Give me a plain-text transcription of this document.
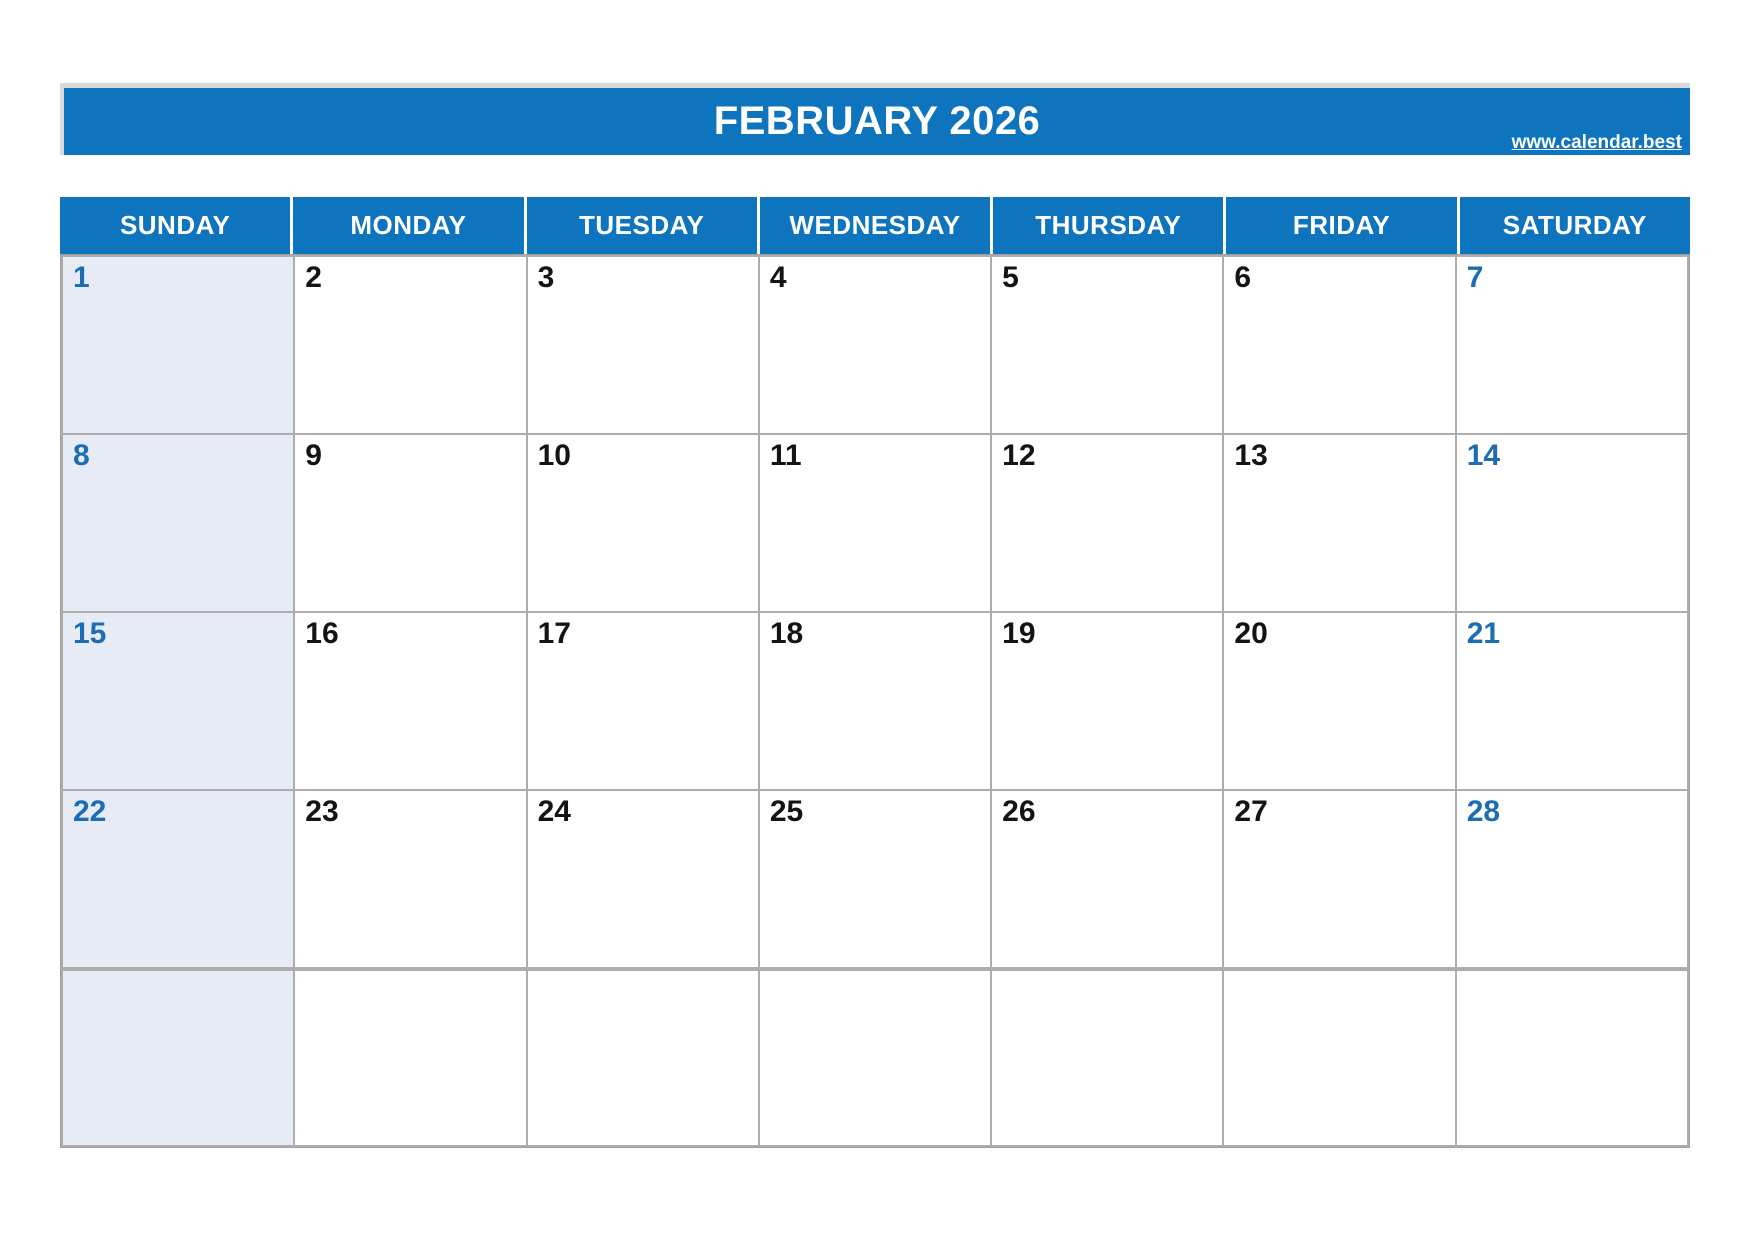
FEBRUARY 2026	www.calendar.best
SUNDAY	MONDAY	TUESDAY	WEDNESDAY	THURSDAY	FRIDAY	SATURDAY
1	2	3	4	5	6	7
8	9	10	11	12	13	14
15	16	17	18	19	20	21
22	23	24	25	26	27	28
